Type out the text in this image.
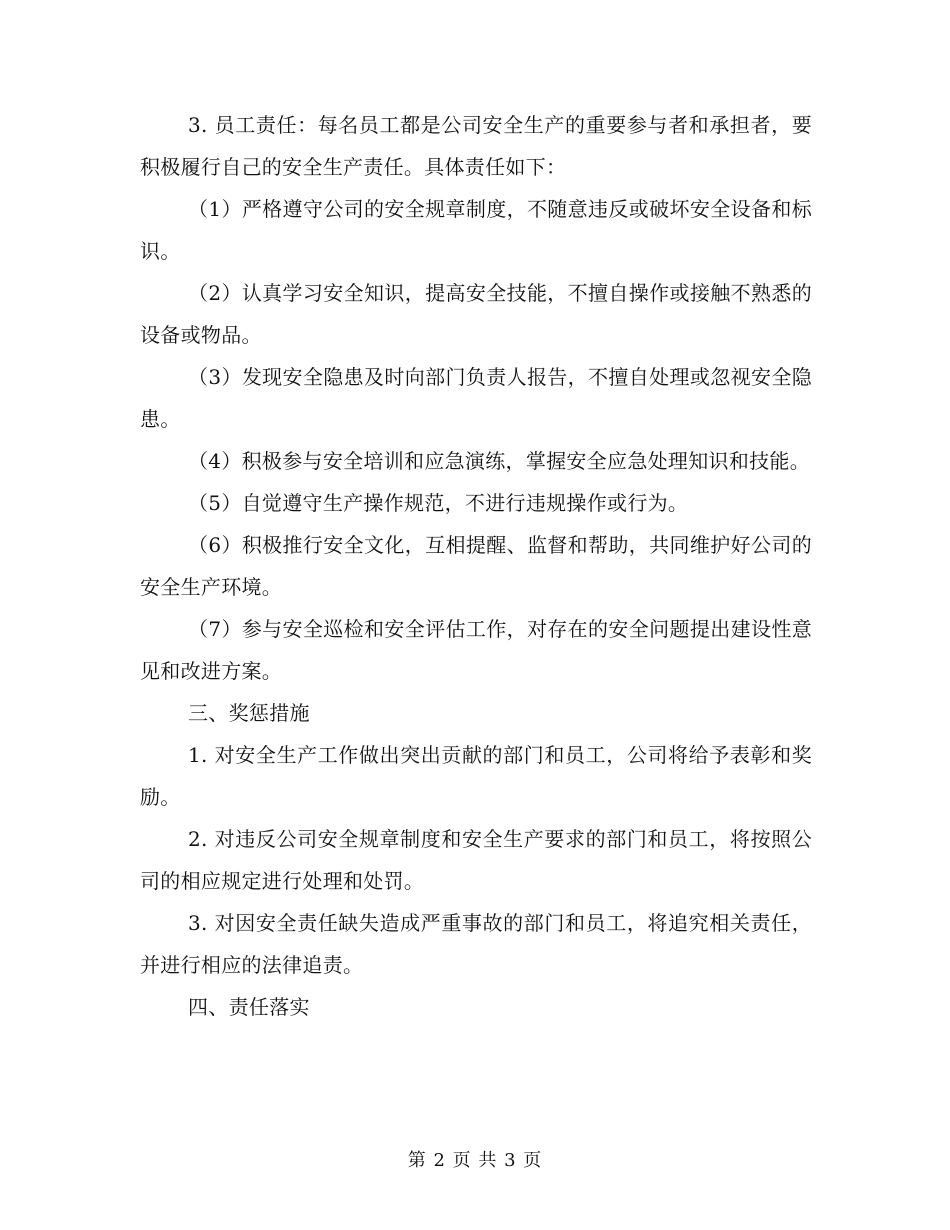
3. 员工责任：每名员工都是公司安全生产的重要参与者和承担者，要积极履行自己的安全生产责任。具体责任如下：

（1）严格遵守公司的安全规章制度，不随意违反或破坏安全设备和标识。

（2）认真学习安全知识，提高安全技能，不擅自操作或接触不熟悉的设备或物品。

（3）发现安全隐患及时向部门负责人报告，不擅自处理或忽视安全隐患。

（4）积极参与安全培训和应急演练，掌握安全应急处理知识和技能。

（5）自觉遵守生产操作规范，不进行违规操作或行为。

（6）积极推行安全文化，互相提醒、监督和帮助，共同维护好公司的安全生产环境。

（7）参与安全巡检和安全评估工作，对存在的安全问题提出建设性意见和改进方案。

三、奖惩措施

1. 对安全生产工作做出突出贡献的部门和员工，公司将给予表彰和奖励。

2. 对违反公司安全规章制度和安全生产要求的部门和员工，将按照公司的相应规定进行处理和处罚。

3. 对因安全责任缺失造成严重事故的部门和员工，将追究相关责任，并进行相应的法律追责。

四、责任落实

第 2 页 共 3 页
